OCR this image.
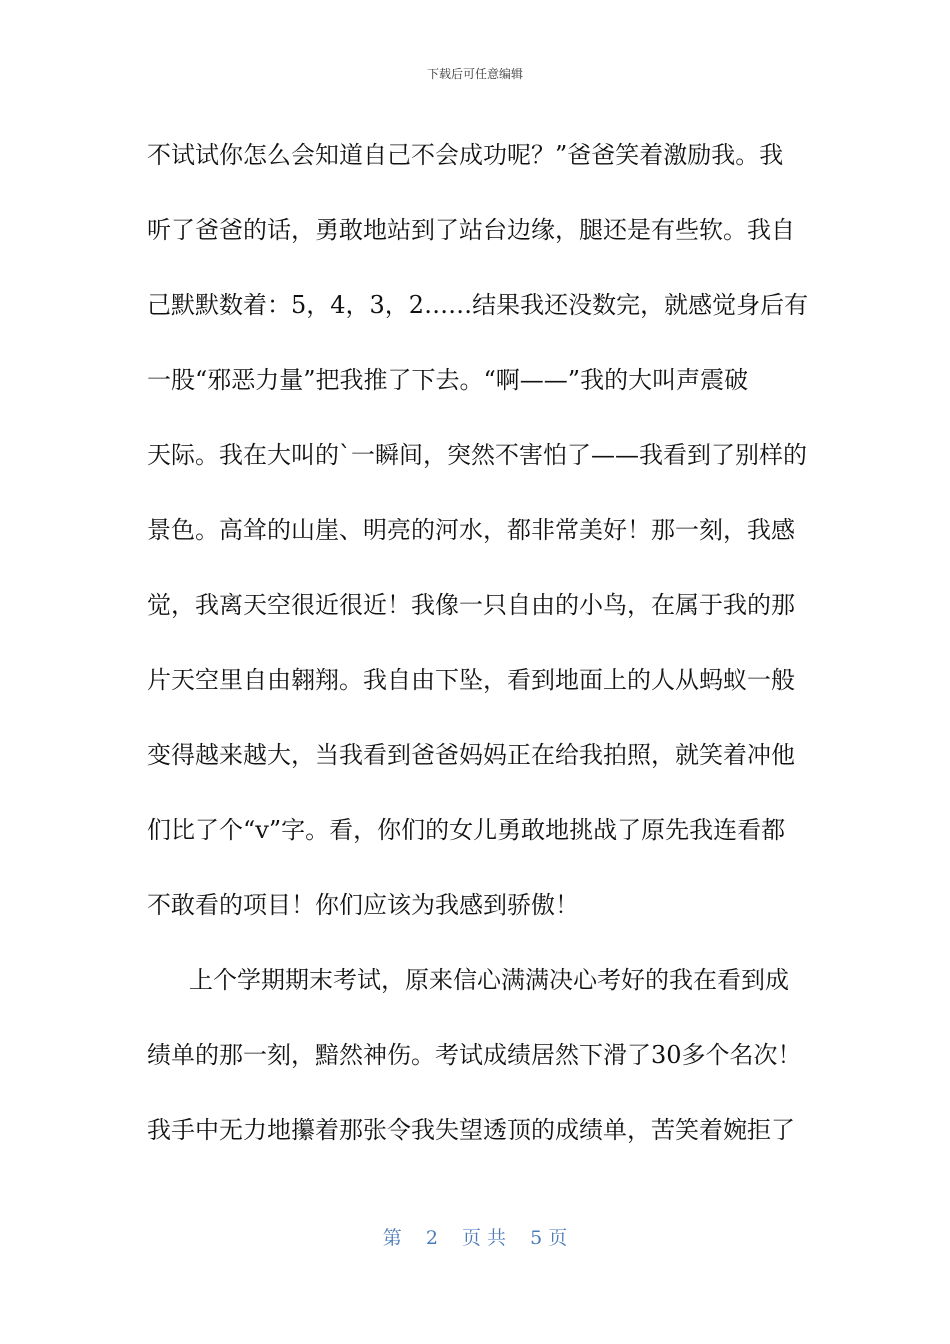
下载后可任意编辑
不试试你怎么会知道自己不会成功呢？”爸爸笑着激励我。我
听了爸爸的话，勇敢地站到了站台边缘，腿还是有些软。我自
己默默数着：5，4，3，2……结果我还没数完，就感觉身后有
一股“邪恶力量”把我推了下去。“啊——”我的大叫声震破
天际。我在大叫的`一瞬间，突然不害怕了——我看到了别样的
景色。高耸的山崖、明亮的河水，都非常美好！那一刻，我感
觉，我离天空很近很近！我像一只自由的小鸟，在属于我的那
片天空里自由翱翔。我自由下坠，看到地面上的人从蚂蚁一般
变得越来越大，当我看到爸爸妈妈正在给我拍照，就笑着冲他
们比了个“v”字。看，你们的女儿勇敢地挑战了原先我连看都
不敢看的项目！你们应该为我感到骄傲！
上个学期期末考试，原来信心满满决心考好的我在看到成
绩单的那一刻，黯然神伤。考试成绩居然下滑了30多个名次！
我手中无力地攥着那张令我失望透顶的成绩单，苦笑着婉拒了
第 2 页 共 5 页
